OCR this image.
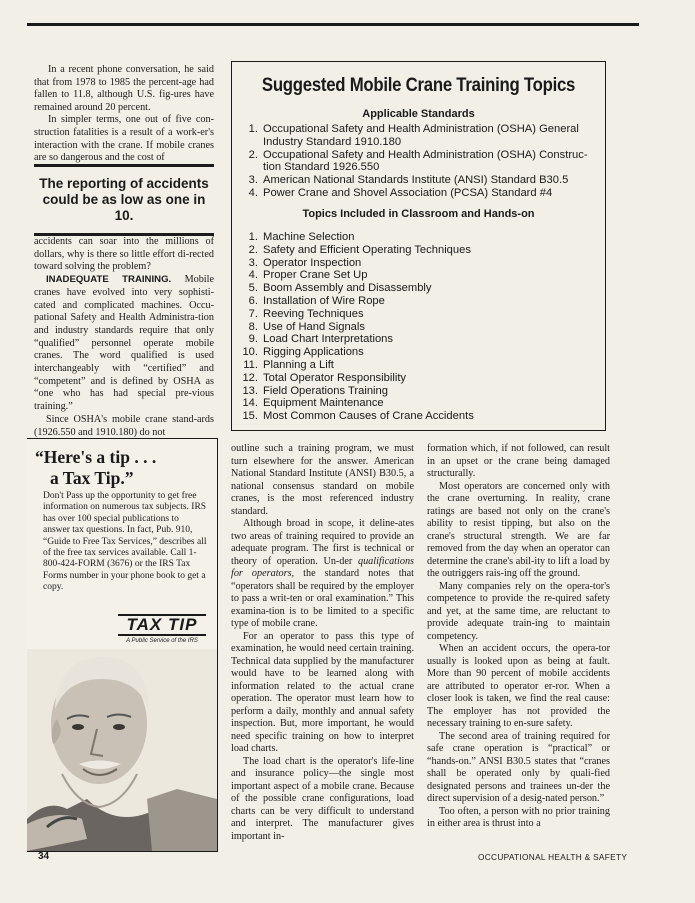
In a recent phone conversation, he said that from 1978 to 1985 the percent-age had fallen to 11.8, although U.S. fig-ures have remained around 20 percent.

In simpler terms, one out of five con-struction fatalities is a result of a work-er's interaction with the crane. If mobile cranes are so dangerous and the cost of

The reporting of accidents could be as low as one in 10.

accidents can soar into the millions of dollars, why is there so little effort di-rected toward solving the problem?

INADEQUATE TRAINING. Mobile cranes have evolved into very sophisti-cated and complicated machines. Occu-pational Safety and Health Administra-tion and industry standards require that only “qualified” personnel operate mobile cranes. The word qualified is used interchangeably with “certified” and “competent” and is defined by OSHA as “one who has had special pre-vious training.”

Since OSHA's mobile crane stand-ards (1926.550 and 1910.180) do not

Suggested Mobile Crane Training Topics
Applicable Standards
1. Occupational Safety and Health Administration (OSHA) General Industry Standard 1910.180
2. Occupational Safety and Health Administration (OSHA) Construc-tion Standard 1926.550
3. American National Standards Institute (ANSI) Standard B30.5
4. Power Crane and Shovel Association (PCSA) Standard #4
Topics Included in Classroom and Hands-on
1. Machine Selection
2. Safety and Efficient Operating Techniques
3. Operator Inspection
4. Proper Crane Set Up
5. Boom Assembly and Disassembly
6. Installation of Wire Rope
7. Reeving Techniques
8. Use of Hand Signals
9. Load Chart Interpretations
10. Rigging Applications
11. Planning a Lift
12. Total Operator Responsibility
13. Field Operations Training
14. Equipment Maintenance
15. Most Common Causes of Crane Accidents
“Here's a tip . . .
a Tax Tip.”
Don't Pass up the opportunity to get free information on numerous tax subjects. IRS has over 100 special publications to answer tax questions. In fact, Pub. 910, “Guide to Free Tax Services,” describes all of the free tax services available. Call 1-800-424-FORM (3676) or the IRS Tax Forms number in your phone book to get a copy.
TAX TIP
A Public Service of the IRS

outline such a training program, we must turn elsewhere for the answer. American National Standard Institute (ANSI) B30.5, a national consensus standard on mobile cranes, is the most referenced industry standard.

Although broad in scope, it deline-ates two areas of training required to provide an adequate program. The first is technical or theory of operation. Un-der qualifications for operators, the standard notes that “operators shall be required by the employer to pass a writ-ten or oral examination.” This examina-tion is to be limited to a specific type of mobile crane.

For an operator to pass this type of examination, he would need certain training. Technical data supplied by the manufacturer would have to be learned along with information related to the actual crane operation. The operator must learn how to perform a daily, monthly and annual safety inspection. But, more important, he would need specific training on how to interpret load charts.

The load chart is the operator's life-line and insurance policy—the single most important aspect of a mobile crane. Because of the possible crane configurations, load charts can be very difficult to understand and interpret. The manufacturer gives important in-

formation which, if not followed, can result in an upset or the crane being damaged structurally.

Most operators are concerned only with the crane overturning. In reality, crane ratings are based not only on the crane's ability to resist tipping, but also on the crane's structural strength. We are far removed from the day when an operator can determine the crane's abil-ity to lift a load by the outriggers rais-ing off the ground.

Many companies rely on the opera-tor's competence to provide the re-quired safety and yet, at the same time, are reluctant to provide adequate train-ing to maintain competency.

When an accident occurs, the opera-tor usually is looked upon as being at fault. More than 90 percent of mobile accidents are attributed to operator er-ror. When a closer look is taken, we find the real cause: The employer has not provided the necessary training to en-sure safety.

The second area of training required for safe crane operation is “practical” or “hands-on.” ANSI B30.5 states that “cranes shall be operated only by quali-fied designated persons and trainees un-der the direct supervision of a desig-nated person.”

Too often, a person with no prior training in either area is thrust into a

34	OCCUPATIONAL HEALTH & SAFETY
